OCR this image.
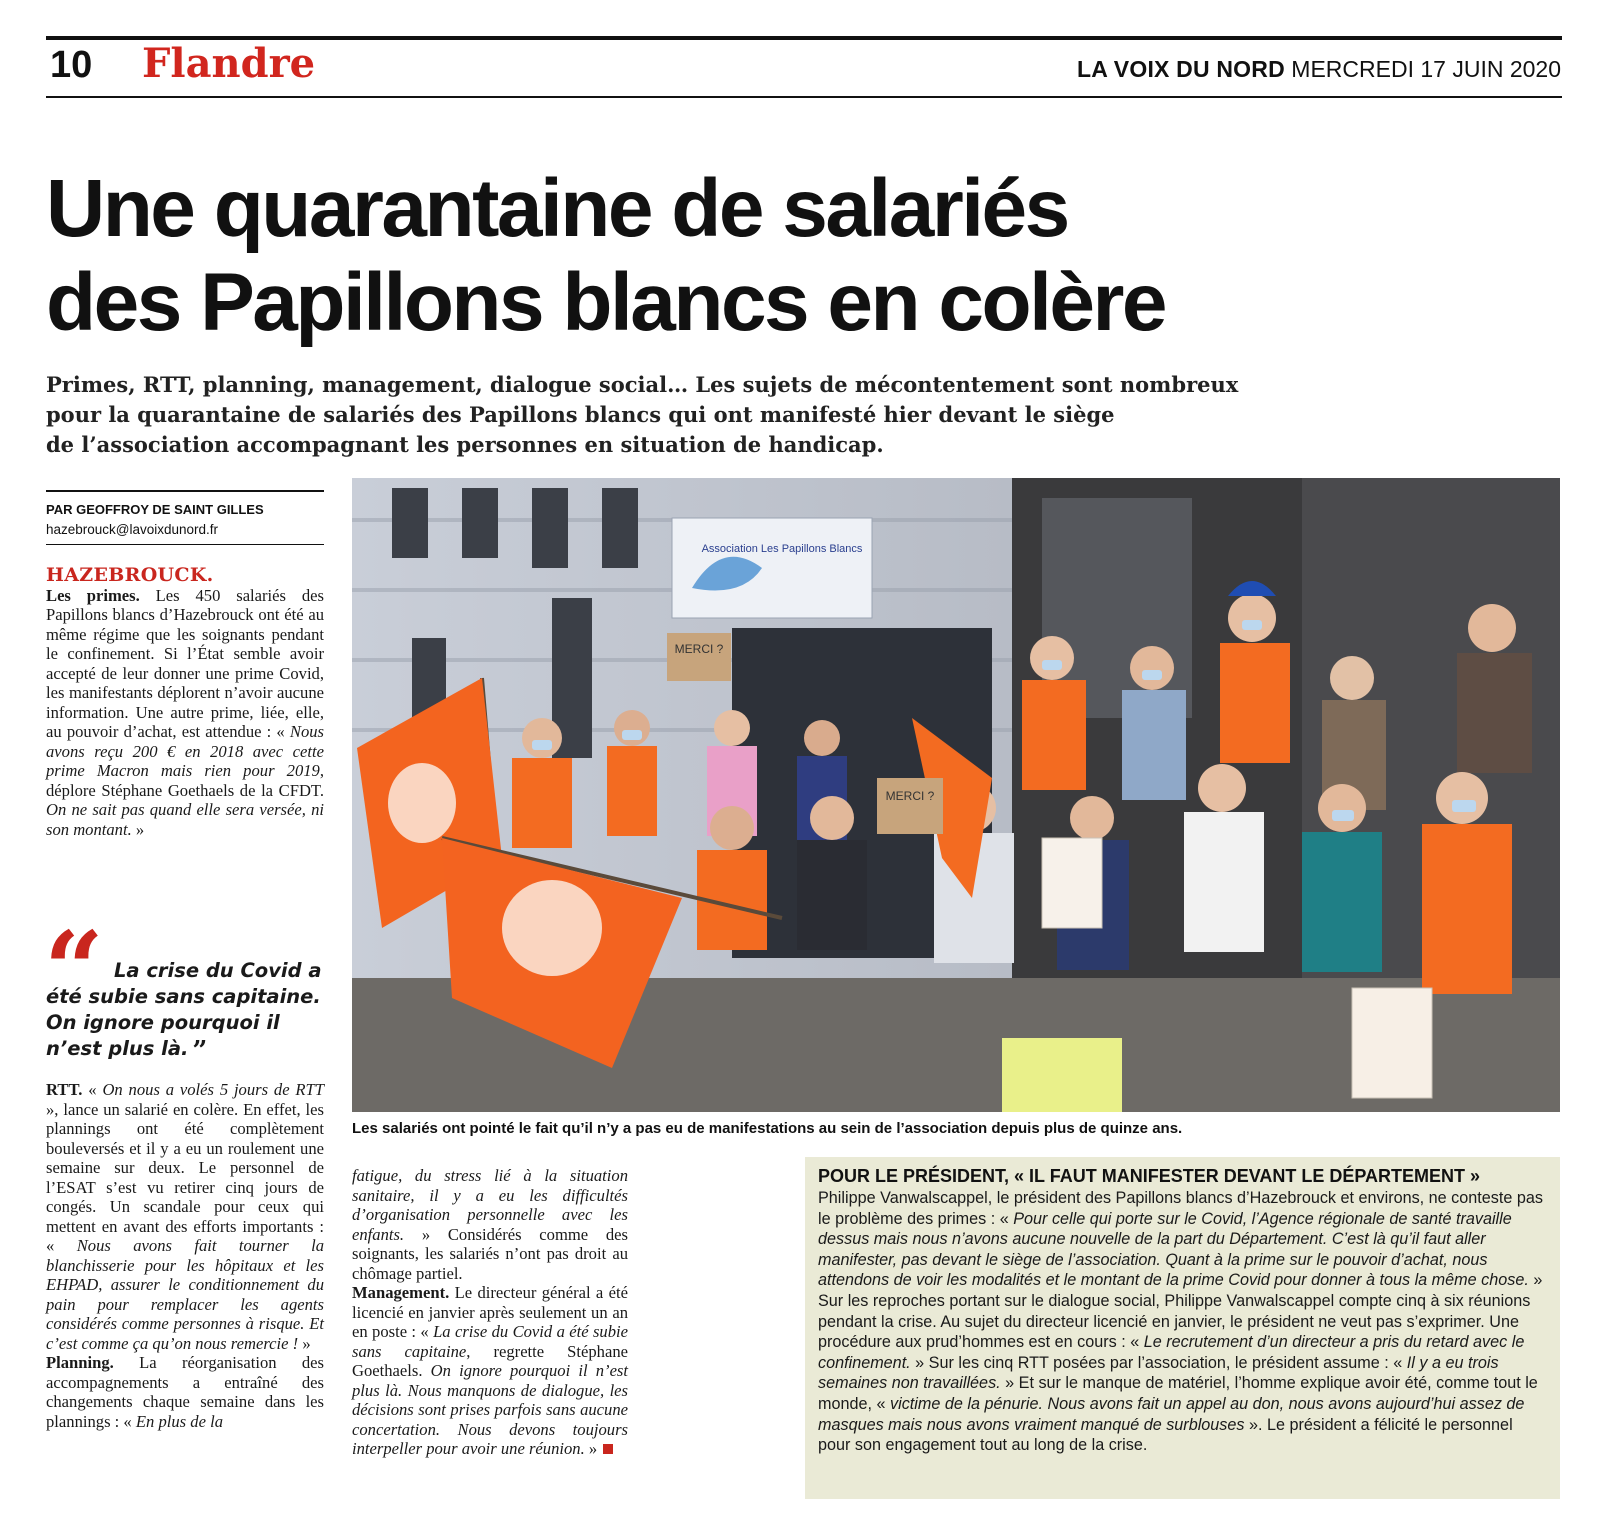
10 Flandre	LA VOIX DU NORD MERCREDI 17 JUIN 2020
Une quarantaine de salariés
des Papillons blancs en colère

Primes, RTT, planning, management, dialogue social… Les sujets de mécontentement sont nombreux
pour la quarantaine de salariés des Papillons blancs qui ont manifesté hier devant le siège
de l’association accompagnant les personnes en situation de handicap.

PAR GEOFFROY DE SAINT GILLES
hazebrouck@lavoixdunord.fr

HAZEBROUCK.
Les primes. Les 450 salariés des Papillons blancs d’Hazebrouck ont été au même régime que les soignants pendant le confinement. Si l’État semble avoir accepté de leur donner une prime Covid, les manifestants déplorent n’avoir aucune information. Une autre prime, liée, elle, au pouvoir d’achat, est attendue : « Nous avons reçu 200 € en 2018 avec cette prime Macron mais rien pour 2019, déplore Stéphane Goethaels de la CFDT. On ne sait pas quand elle sera versée, ni son montant. »

“ La crise du Covid a été subie sans capitaine. On ignore pourquoi il n’est plus là. ”

RTT. « On nous a volés 5 jours de RTT », lance un salarié en colère. En effet, les plannings ont été complètement bouleversés et il y a eu un roulement une semaine sur deux. Le personnel de l’ESAT s’est vu retirer cinq jours de congés. Un scandale pour ceux qui mettent en avant des efforts importants : « Nous avons fait tourner la blanchisserie pour les hôpitaux et les EHPAD, assurer le conditionnement du pain pour remplacer les agents considérés comme personnes à risque. Et c’est comme ça qu’on nous remercie ! »

Planning. La réorganisation des accompagnements a entraîné des changements chaque semaine dans les plannings : « En plus de la

fatigue, du stress lié à la situation sanitaire, il y a eu les difficultés d’organisation personnelle avec les enfants. » Considérés comme des soignants, les salariés n’ont pas droit au chômage partiel.

Management. Le directeur général a été licencié en janvier après seulement un an en poste : « La crise du Covid a été subie sans capitaine, regrette Stéphane Goethaels. On ignore pourquoi il n’est plus là. Nous manquons de dialogue, les décisions sont prises parfois sans aucune concertation. Nous devons toujours interpeller pour avoir une réunion. »

Association Les Papillons Blancs
MERCI ?
MERCI ?
Les salariés ont pointé le fait qu’il n’y a pas eu de manifestations au sein de l’association depuis plus de quinze ans.
POUR LE PRÉSIDENT, « IL FAUT MANIFESTER DEVANT LE DÉPARTEMENT »

Philippe Vanwalscappel, le président des Papillons blancs d’Hazebrouck et environs, ne conteste pas le problème des primes : « Pour celle qui porte sur le Covid, l’Agence régionale de santé travaille dessus mais nous n’avons aucune nouvelle de la part du Département. C’est là qu’il faut aller manifester, pas devant le siège de l’association. Quant à la prime sur le pouvoir d’achat, nous attendons de voir les modalités et le montant de la prime Covid pour donner à tous la même chose. »

Sur les reproches portant sur le dialogue social, Philippe Vanwalscappel compte cinq à six réunions pendant la crise. Au sujet du directeur licencié en janvier, le président ne veut pas s’exprimer. Une procédure aux prud’hommes est en cours : « Le recrutement d’un directeur a pris du retard avec le confinement. » Sur les cinq RTT posées par l’association, le président assume : « Il y a eu trois semaines non travaillées. » Et sur le manque de matériel, l’homme explique avoir été, comme tout le monde, « victime de la pénurie. Nous avons fait un appel au don, nous avons aujourd’hui assez de masques mais nous avons vraiment manqué de surblouses ». Le président a félicité le personnel pour son engagement tout au long de la crise.
